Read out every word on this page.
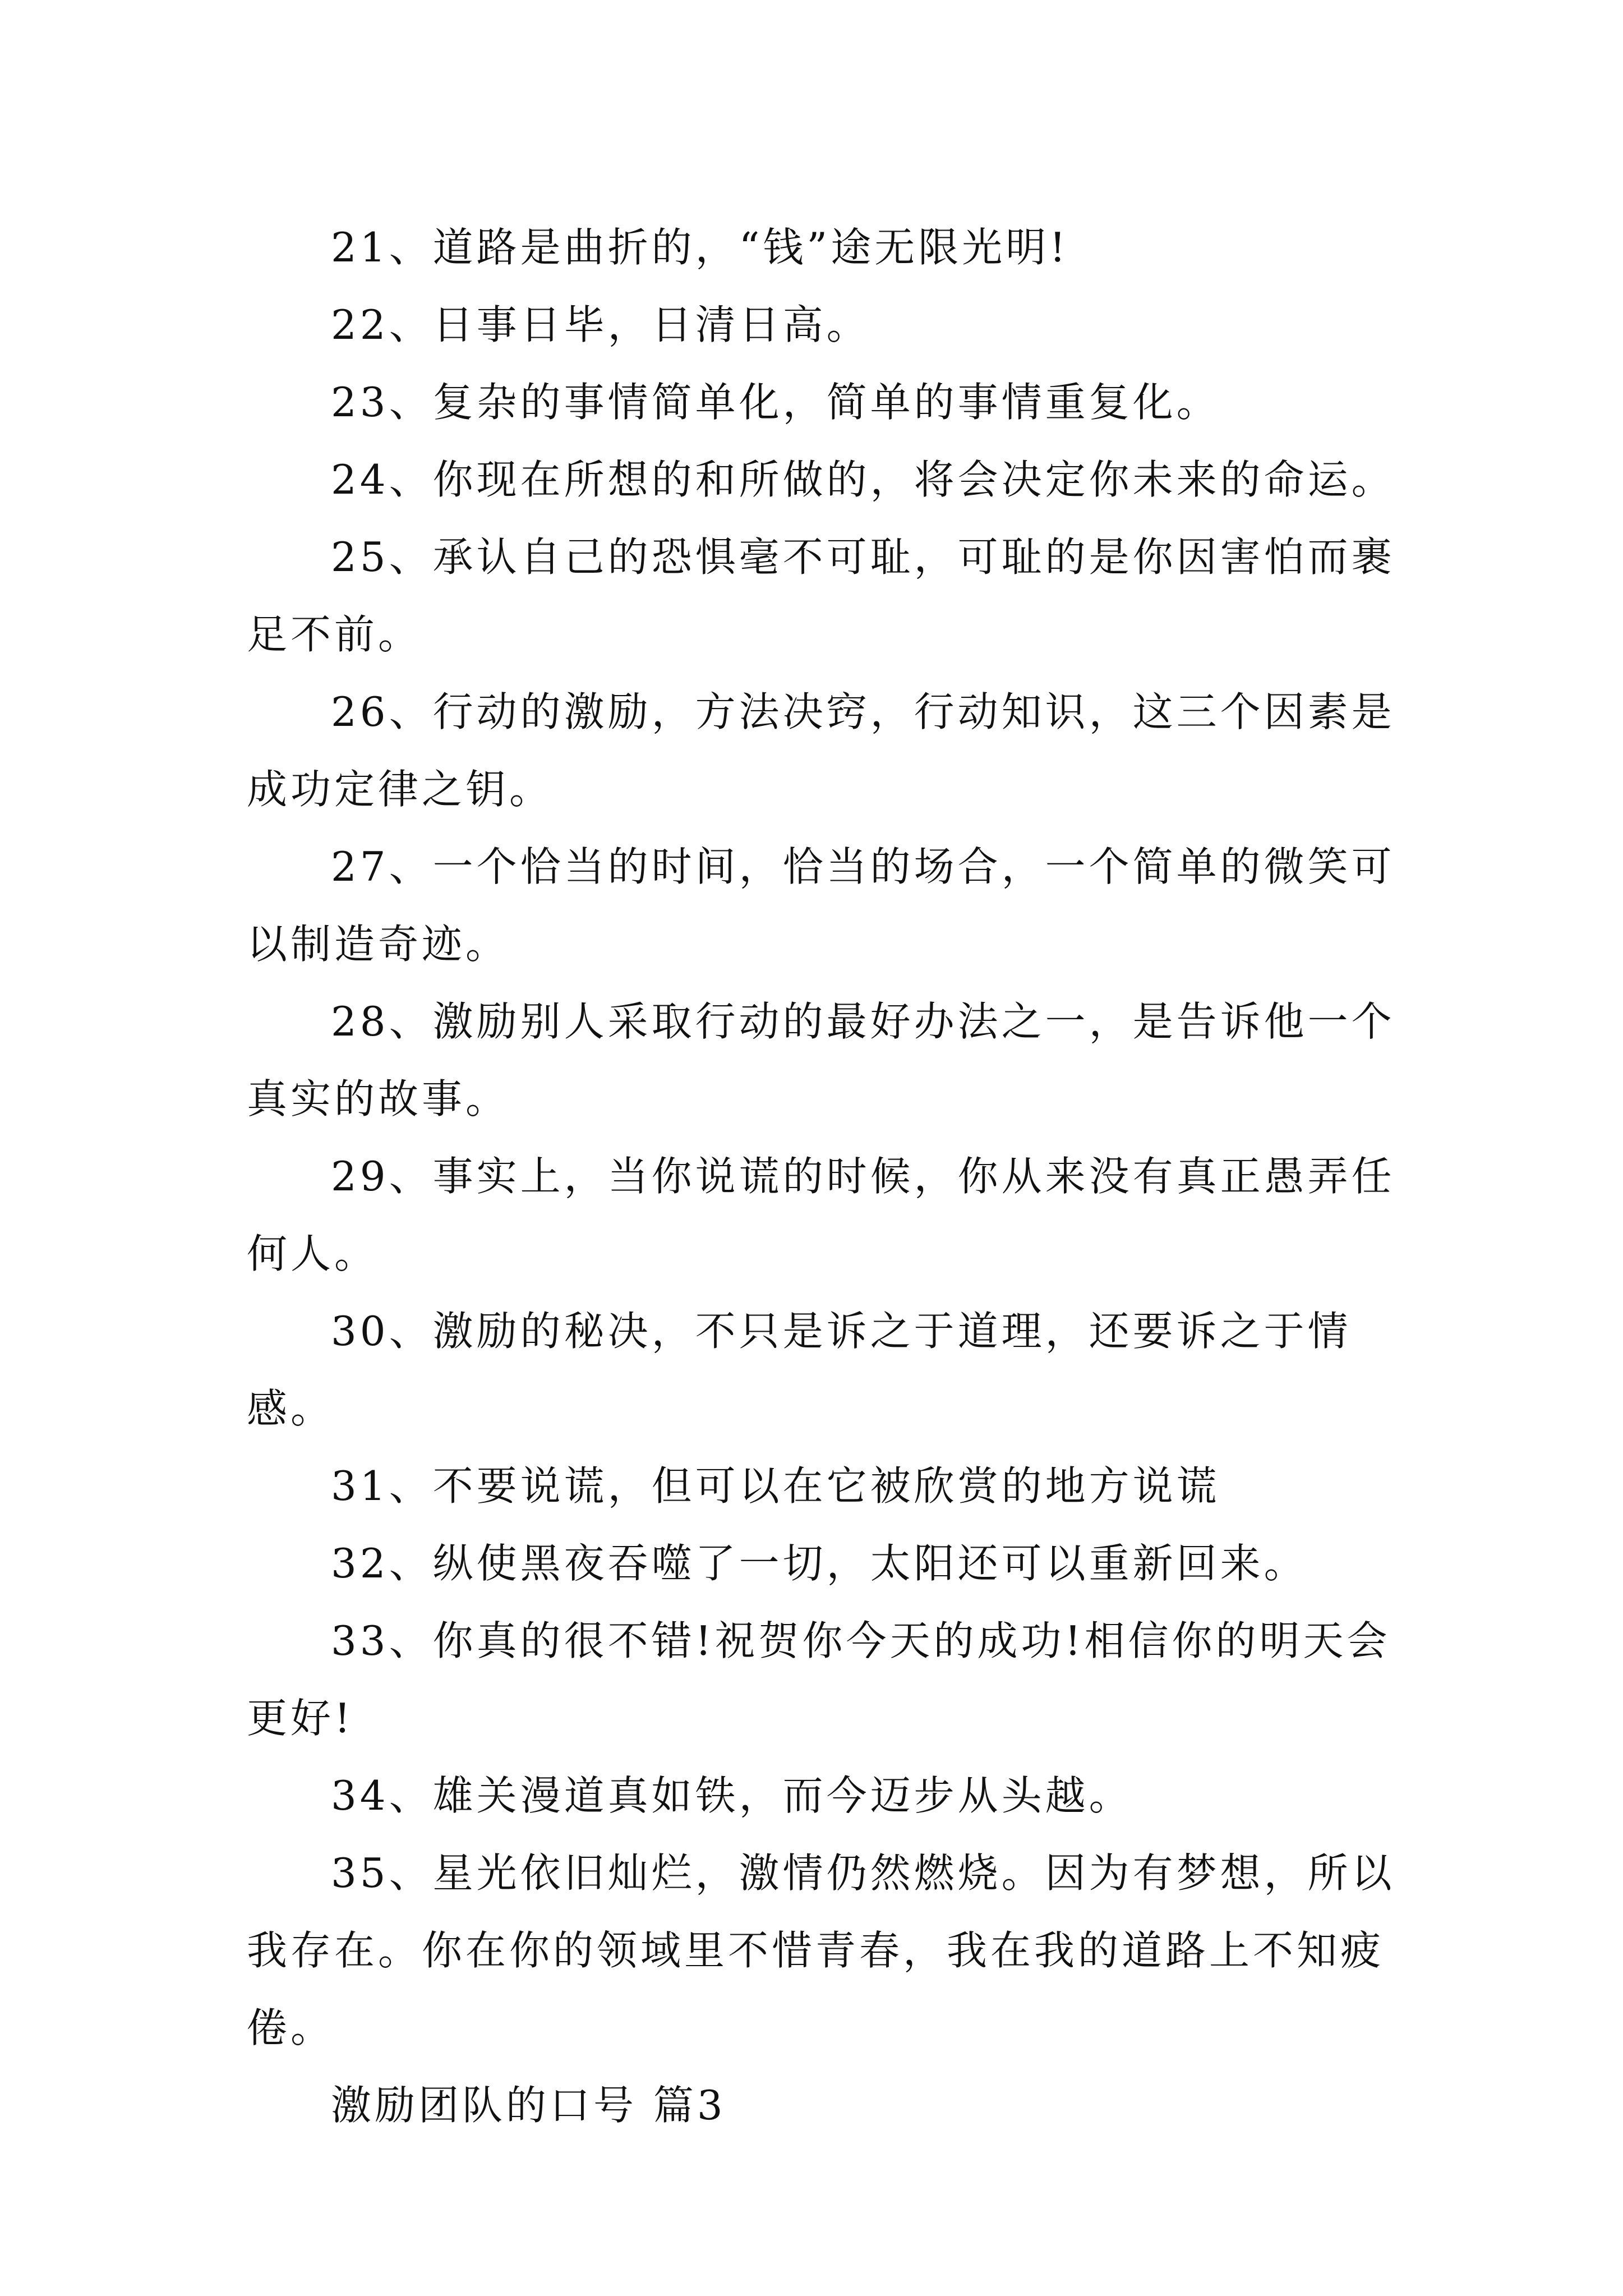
21、道路是曲折的，“钱”途无限光明!

22、日事日毕，日清日高。

23、复杂的事情简单化，简单的事情重复化。

24、你现在所想的和所做的，将会决定你未来的命运。

25、承认自己的恐惧毫不可耻，可耻的是你因害怕而裹足不前。

26、行动的激励，方法决窍，行动知识，这三个因素是成功定律之钥。

27、一个恰当的时间，恰当的场合，一个简单的微笑可以制造奇迹。

28、激励别人采取行动的最好办法之一，是告诉他一个真实的故事。

29、事实上，当你说谎的时候，你从来没有真正愚弄任何人。

30、激励的秘决，不只是诉之于道理，还要诉之于情感。

31、不要说谎，但可以在它被欣赏的地方说谎

32、纵使黑夜吞噬了一切，太阳还可以重新回来。

33、你真的很不错!祝贺你今天的成功!相信你的明天会更好!

34、雄关漫道真如铁，而今迈步从头越。

35、星光依旧灿烂，激情仍然燃烧。因为有梦想，所以我存在。你在你的领域里不惜青春，我在我的道路上不知疲倦。

激励团队的口号 篇3
